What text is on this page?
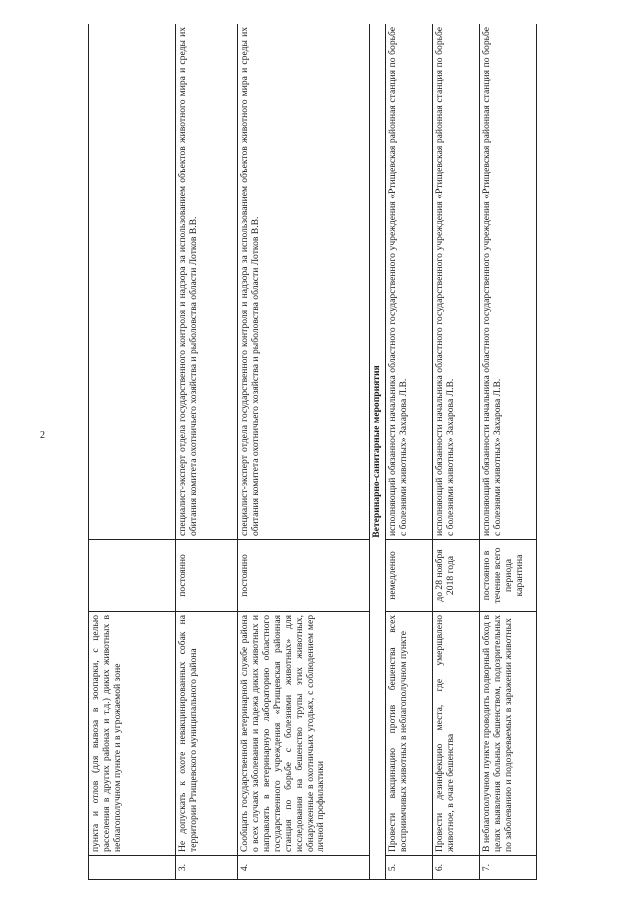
2
	пункта и отлов (для вывоза в зоопарки, с целью расселения в других районах и т.д.) диких животных в неблагополучном пункте и в угрожаемой зоне		
3.	Не допускать к охоте невакцинированных собак на территории Ртищевского муниципального района	постоянно	специалист-эксперт отдела государственного контроля и надзора за использованием объектов животного мира и среды их обитания комитета охотничьего хозяйства и рыболовства области Лотков В.В.
4.	Сообщать государственной ветеринарной службе района о всех случаях заболевания и падежа диких животных и направлять в ветеринарную лабораторию областного государственного учреждения «Ртищевская районная станция по борьбе с болезнями животных» для исследования на бешенство трупы этих животных, обнаруженные в охотничьих угодьях, с соблюдением мер личной профилактики	постоянно	специалист-эксперт отдела государственного контроля и надзора за использованием объектов животного мира и среды их обитания комитета охотничьего хозяйства и рыболовства области Лотков В.В.
Ветеринарно-санитарные мероприятия			
5.	Провести вакцинацию против бешенства всех восприимчивых животных в неблагополучном пункте	немедленно	исполняющий обязанности начальника областного государственного учреждения «Ртищевская районная станция по борьбе с болезнями животных» Захарова Л.В.
6.	Провести дезинфекцию места, где умерщвлено животное, в очаге бешенства	до 28 ноября 2018 года	исполняющий обязанности начальника областного государственного учреждения «Ртищевская районная станция по борьбе с болезнями животных» Захарова Л.В.
7.	В неблагополучном пункте проводить подворный обход в целях выявления больных бешенством, подозрительных по заболеванию и подозреваемых в заражении животных	постоянно в течение всего периода карантина	исполняющий обязанности начальника областного государственного учреждения «Ртищевская районная станция по борьбе с болезнями животных» Захарова Л.В.
